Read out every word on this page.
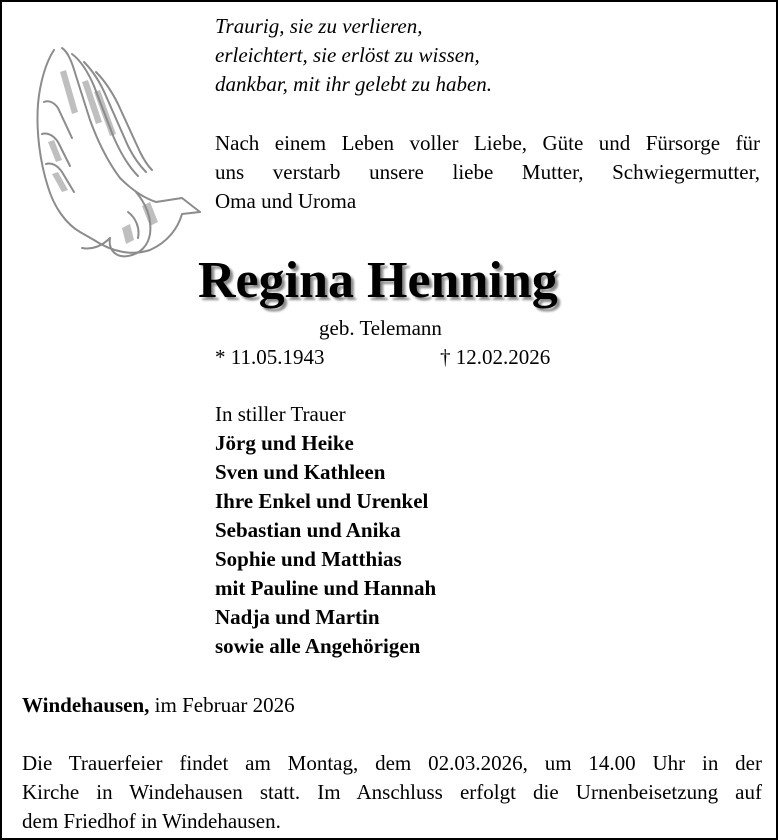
Traurig, sie zu verlieren,
erleichtert, sie erlöst zu wissen,
dankbar, mit ihr gelebt zu haben.
Nach einem Leben voller Liebe, Güte und Fürsorge für
uns verstarb unsere liebe Mutter, Schwiegermutter,
Oma und Uroma
Regina Henning
geb. Telemann
* 11.05.1943	† 12.02.2026
In stiller Trauer
Jörg und Heike
Sven und Kathleen
Ihre Enkel und Urenkel
Sebastian und Anika
Sophie und Matthias
mit Pauline und Hannah
Nadja und Martin
sowie alle Angehörigen
Windehausen, im Februar 2026
Die Trauerfeier findet am Montag, dem 02.03.2026, um 14.00 Uhr in der
Kirche in Windehausen statt. Im Anschluss erfolgt die Urnenbeisetzung auf
dem Friedhof in Windehausen.
